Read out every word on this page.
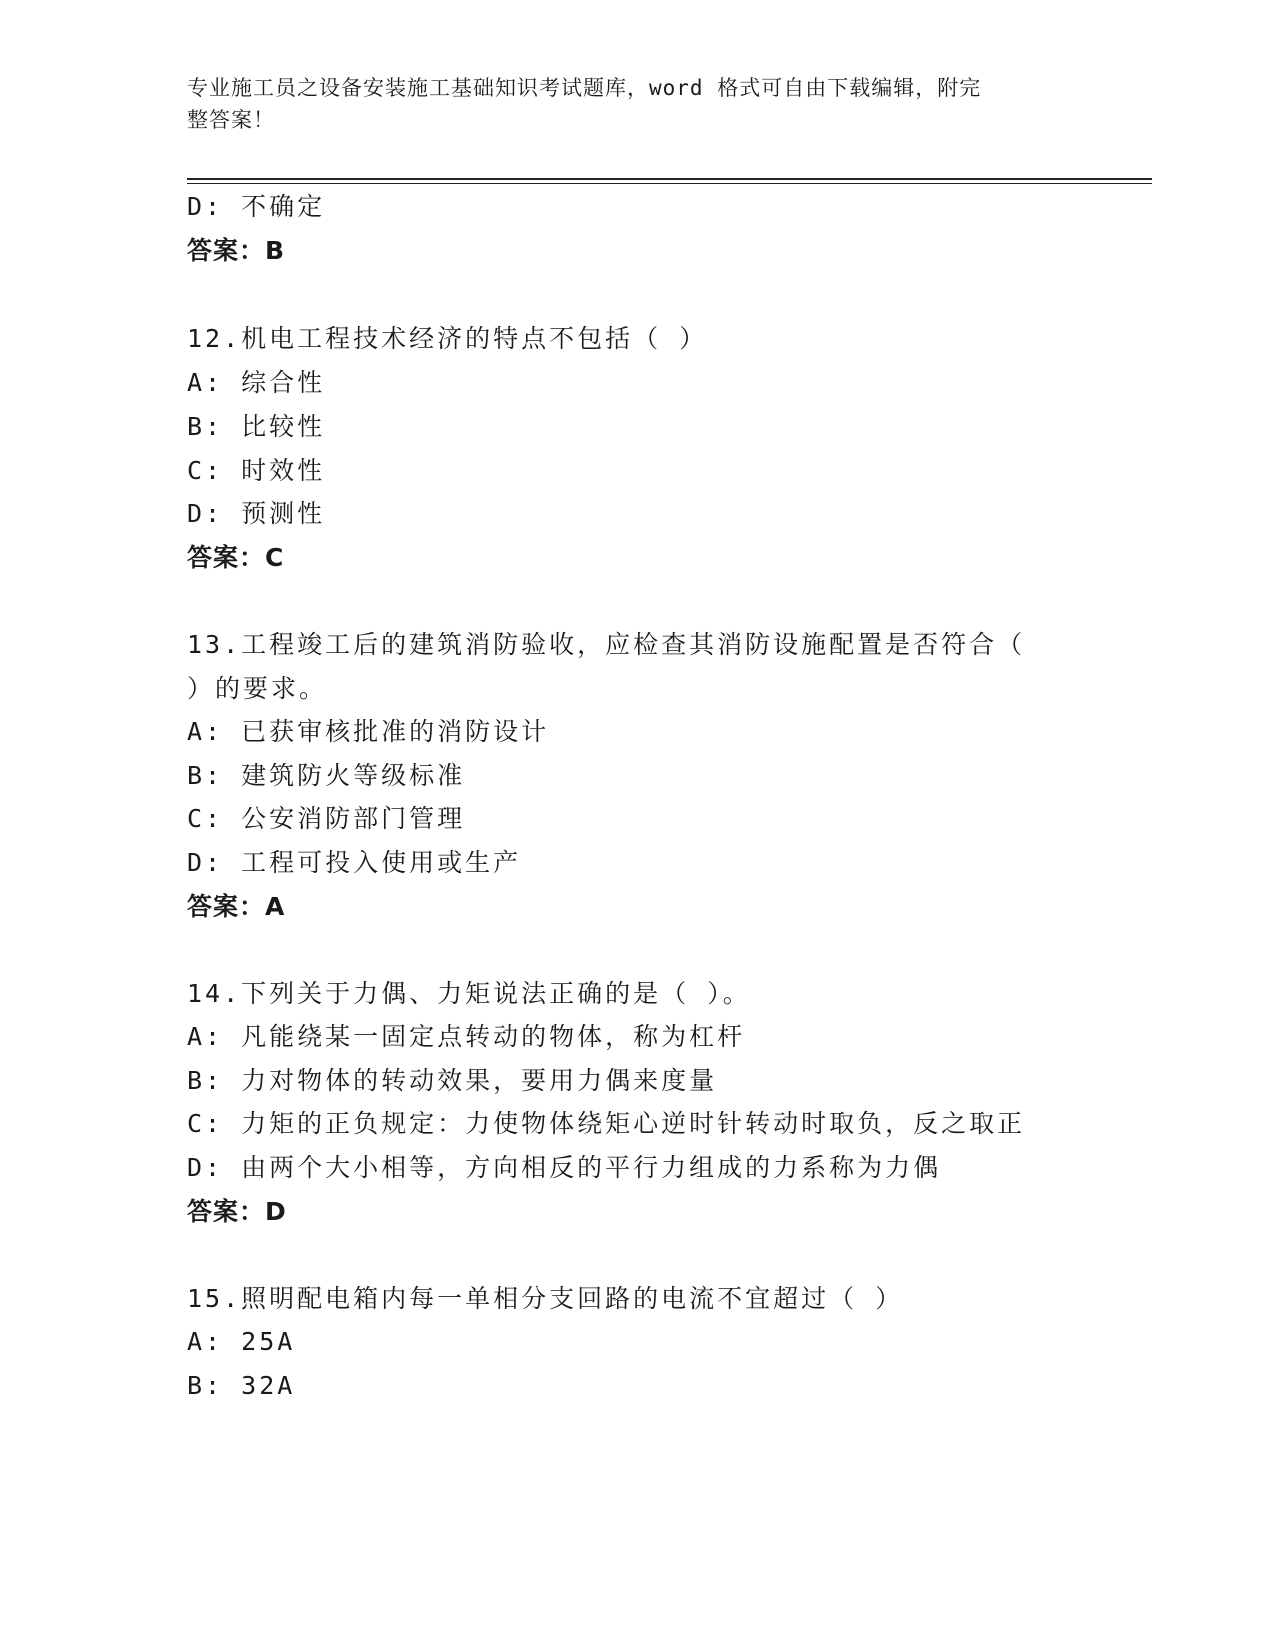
专业施工员之设备安装施工基础知识考试题库，word 格式可自由下载编辑，附完
整答案！
D: 不确定
答案：B
12.机电工程技术经济的特点不包括（ ）
A: 综合性
B: 比较性
C: 时效性
D: 预测性
答案：C
13.工程竣工后的建筑消防验收，应检查其消防设施配置是否符合（
）的要求。
A: 已获审核批准的消防设计
B: 建筑防火等级标准
C: 公安消防部门管理
D: 工程可投入使用或生产
答案：A
14.下列关于力偶、力矩说法正确的是（ ）。
A: 凡能绕某一固定点转动的物体，称为杠杆
B: 力对物体的转动效果，要用力偶来度量
C: 力矩的正负规定：力使物体绕矩心逆时针转动时取负，反之取正
D: 由两个大小相等，方向相反的平行力组成的力系称为力偶
答案：D
15.照明配电箱内每一单相分支回路的电流不宜超过（ ）
A: 25A
B: 32A
